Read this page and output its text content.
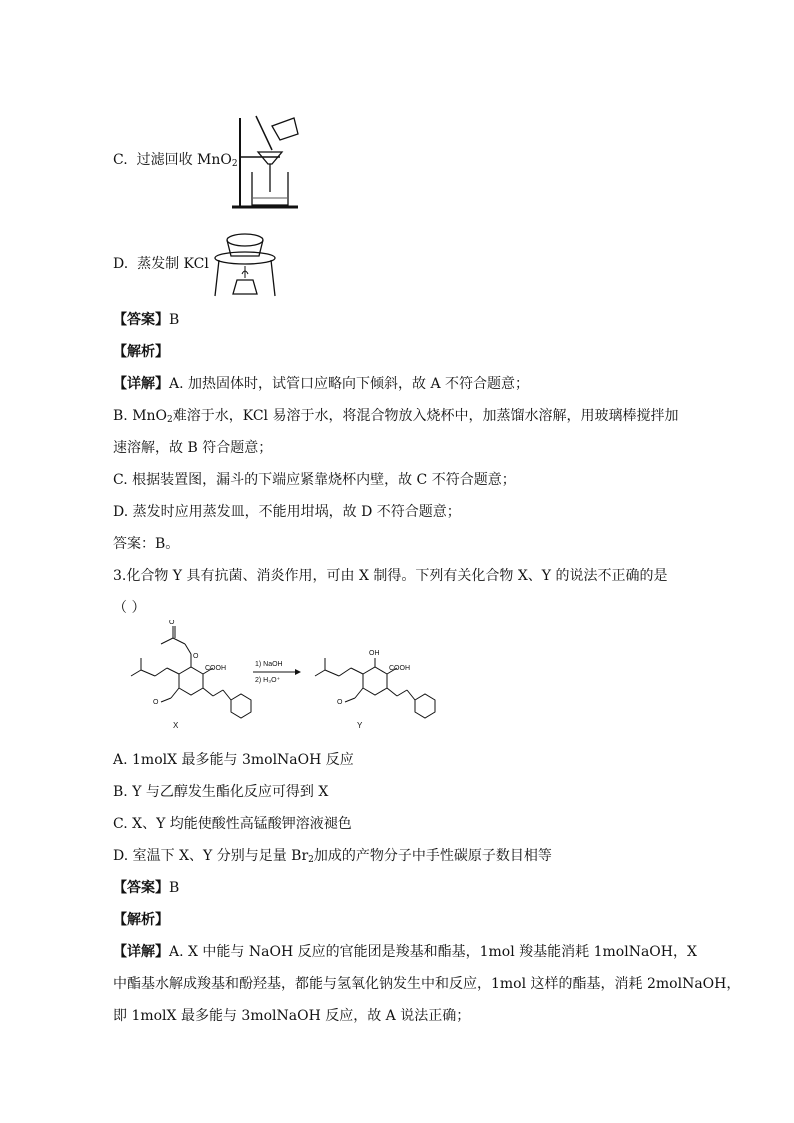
C. 过滤回收 MnO$_2$
D. 蒸发制 KCl
【答案】B
【解析】
【详解】A. 加热固体时，试管口应略向下倾斜，故 A 不符合题意；
B. MnO$_2$难溶于水，KCl 易溶于水，将混合物放入烧杯中，加蒸馏水溶解，用玻璃棒搅拌加
速溶解，故 B 符合题意；
C. 根据装置图，漏斗的下端应紧靠烧杯内壁，故 C 不符合题意；
D. 蒸发时应用蒸发皿，不能用坩埚，故 D 不符合题意；
答案：B。
3.化合物 Y 具有抗菌、消炎作用，可由 X 制得。下列有关化合物 X、Y 的说法不正确的是
（ ）
O
O
COOH
O
X
1) NaOH
2) H₃O⁺
OH
COOH
O
Y
A. 1molX 最多能与 3molNaOH 反应
B. Y 与乙醇发生酯化反应可得到 X
C. X、Y 均能使酸性高锰酸钾溶液褪色
D. 室温下 X、Y 分别与足量 $Br_2$加成的产物分子中手性碳原子数目相等
【答案】B
【解析】
【详解】A. X 中能与 NaOH 反应的官能团是羧基和酯基，1mol 羧基能消耗 1molNaOH，X
中酯基水解成羧基和酚羟基，都能与氢氧化钠发生中和反应，1mol 这样的酯基，消耗 2molNaOH，
即 1molX 最多能与 3molNaOH 反应，故 A 说法正确；
